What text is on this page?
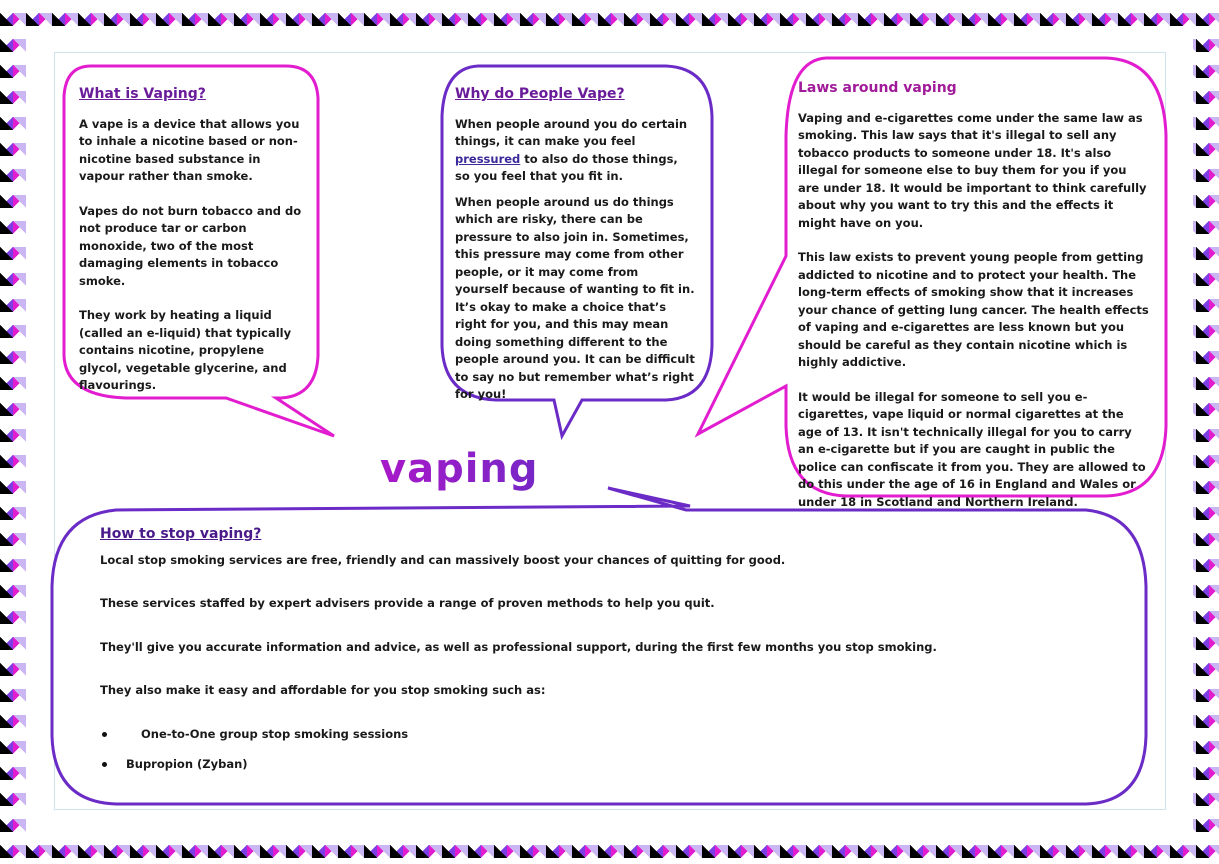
What is Vaping?

A vape is a device that allows you to inhale a nicotine based or non-nicotine based substance in vapour rather than smoke.

Vapes do not burn tobacco and do not produce tar or carbon monoxide, two of the most damaging elements in tobacco smoke.

They work by heating a liquid (called an e-liquid) that typically contains nicotine, propylene glycol, vegetable glycerine, and flavourings.

Why do People Vape?

When people around you do certain things, it can make you feel pressured to also do those things, so you feel that you fit in.

When people around us do things which are risky, there can be pressure to also join in. Sometimes, this pressure may come from other people, or it may come from yourself because of wanting to fit in. It’s okay to make a choice that’s right for you, and this may mean doing something different to the people around you. It can be difficult to say no but remember what’s right for you!

Laws around vaping

Vaping and e-cigarettes come under the same law as smoking. This law says that it's illegal to sell any tobacco products to someone under 18. It's also illegal for someone else to buy them for you if you are under 18. It would be important to think carefully about why you want to try this and the effects it might have on you.

This law exists to prevent young people from getting addicted to nicotine and to protect your health. The long-term effects of smoking show that it increases your chance of getting lung cancer. The health effects of vaping and e-cigarettes are less known but you should be careful as they contain nicotine which is highly addictive.

It would be illegal for someone to sell you e-cigarettes, vape liquid or normal cigarettes at the age of 13. It isn't technically illegal for you to carry an e-cigarette but if you are caught in public the police can confiscate it from you. They are allowed to do this under the age of 16 in England and Wales or under 18 in Scotland and Northern Ireland.

vaping
How to stop vaping?

Local stop smoking services are free, friendly and can massively boost your chances of quitting for good.

These services staffed by expert advisers provide a range of proven methods to help you quit.

They'll give you accurate information and advice, as well as professional support, during the first few months you stop smoking.

They also make it easy and affordable for you stop smoking such as:

One-to-One group stop smoking sessions
Bupropion (Zyban)
